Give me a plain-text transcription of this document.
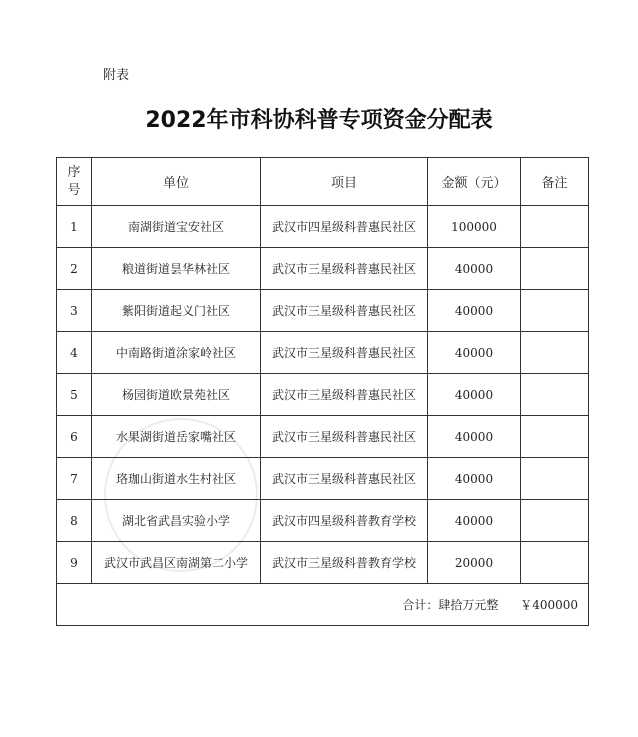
附表
2022年市科协科普专项资金分配表
序
号	单位	项目	金额（元）	备注
1	南湖街道宝安社区	武汉市四星级科普惠民社区	100000	
2	粮道街道昙华林社区	武汉市三星级科普惠民社区	40000	
3	紫阳街道起义门社区	武汉市三星级科普惠民社区	40000	
4	中南路街道涂家岭社区	武汉市三星级科普惠民社区	40000	
5	杨园街道欧景苑社区	武汉市三星级科普惠民社区	40000	
6	水果湖街道岳家嘴社区	武汉市三星级科普惠民社区	40000	
7	珞珈山街道水生村社区	武汉市三星级科普惠民社区	40000	
8	湖北省武昌实验小学	武汉市四星级科普教育学校	40000	
9	武汉市武昌区南湖第二小学	武汉市三星级科普教育学校	20000	
合计：肆拾万元整 ￥400000				
